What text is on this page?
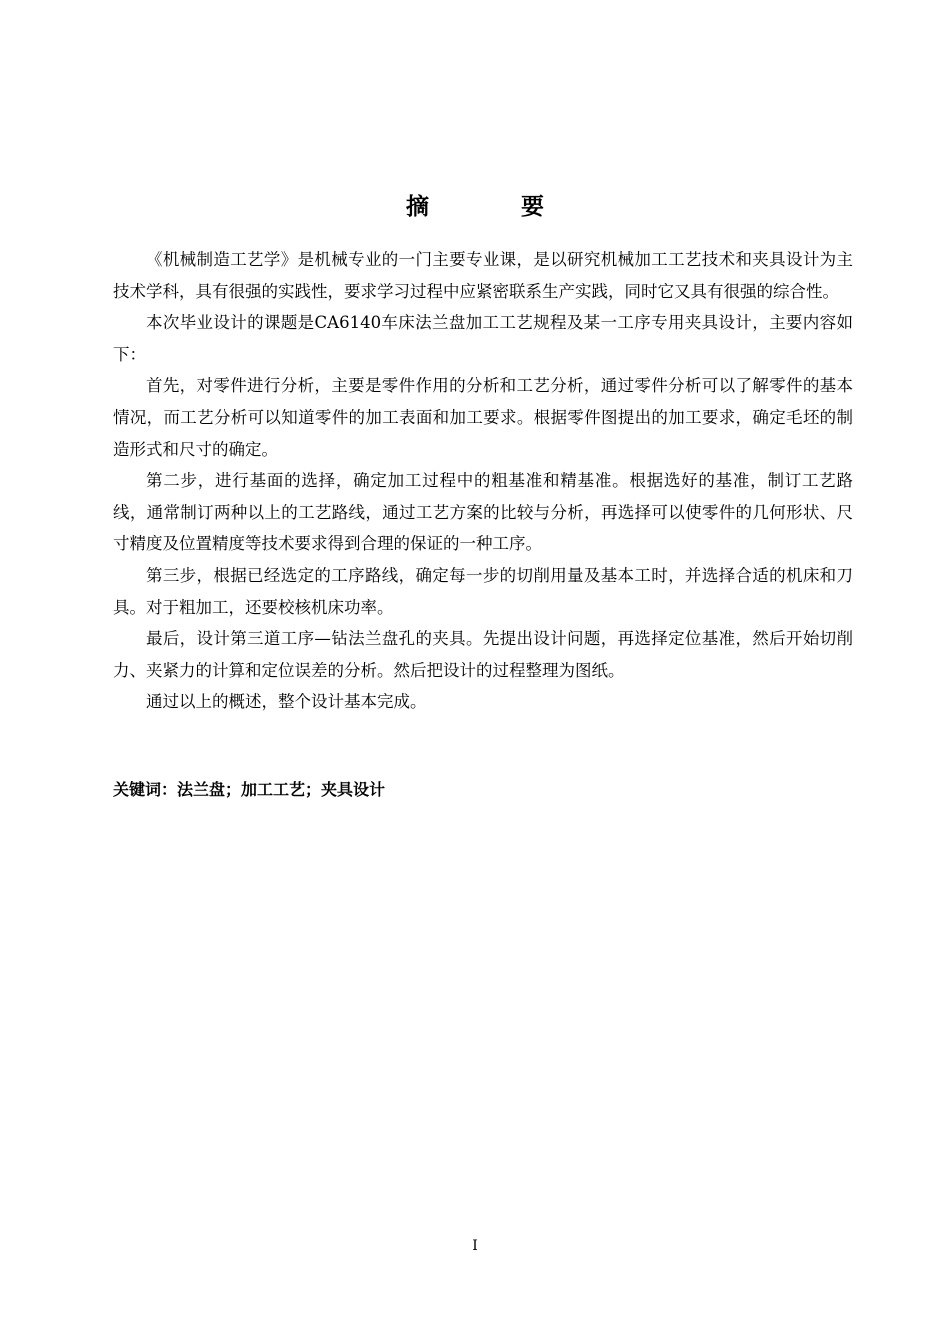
摘 要

《机械制造工艺学》是机械专业的一门主要专业课，是以研究机械加工工艺技术和夹具设计为主技术学科，具有很强的实践性，要求学习过程中应紧密联系生产实践，同时它又具有很强的综合性。

本次毕业设计的课题是CA6140车床法兰盘加工工艺规程及某一工序专用夹具设计，主要内容如下：

首先，对零件进行分析，主要是零件作用的分析和工艺分析，通过零件分析可以了解零件的基本情况，而工艺分析可以知道零件的加工表面和加工要求。根据零件图提出的加工要求，确定毛坯的制造形式和尺寸的确定。

第二步，进行基面的选择，确定加工过程中的粗基准和精基准。根据选好的基准，制订工艺路线，通常制订两种以上的工艺路线，通过工艺方案的比较与分析，再选择可以使零件的几何形状、尺寸精度及位置精度等技术要求得到合理的保证的一种工序。

第三步，根据已经选定的工序路线，确定每一步的切削用量及基本工时，并选择合适的机床和刀具。对于粗加工，还要校核机床功率。

最后，设计第三道工序—钻法兰盘孔的夹具。先提出设计问题，再选择定位基准，然后开始切削力、夹紧力的计算和定位误差的分析。然后把设计的过程整理为图纸。

通过以上的概述，整个设计基本完成。

关键词：法兰盘；加工工艺；夹具设计
I
